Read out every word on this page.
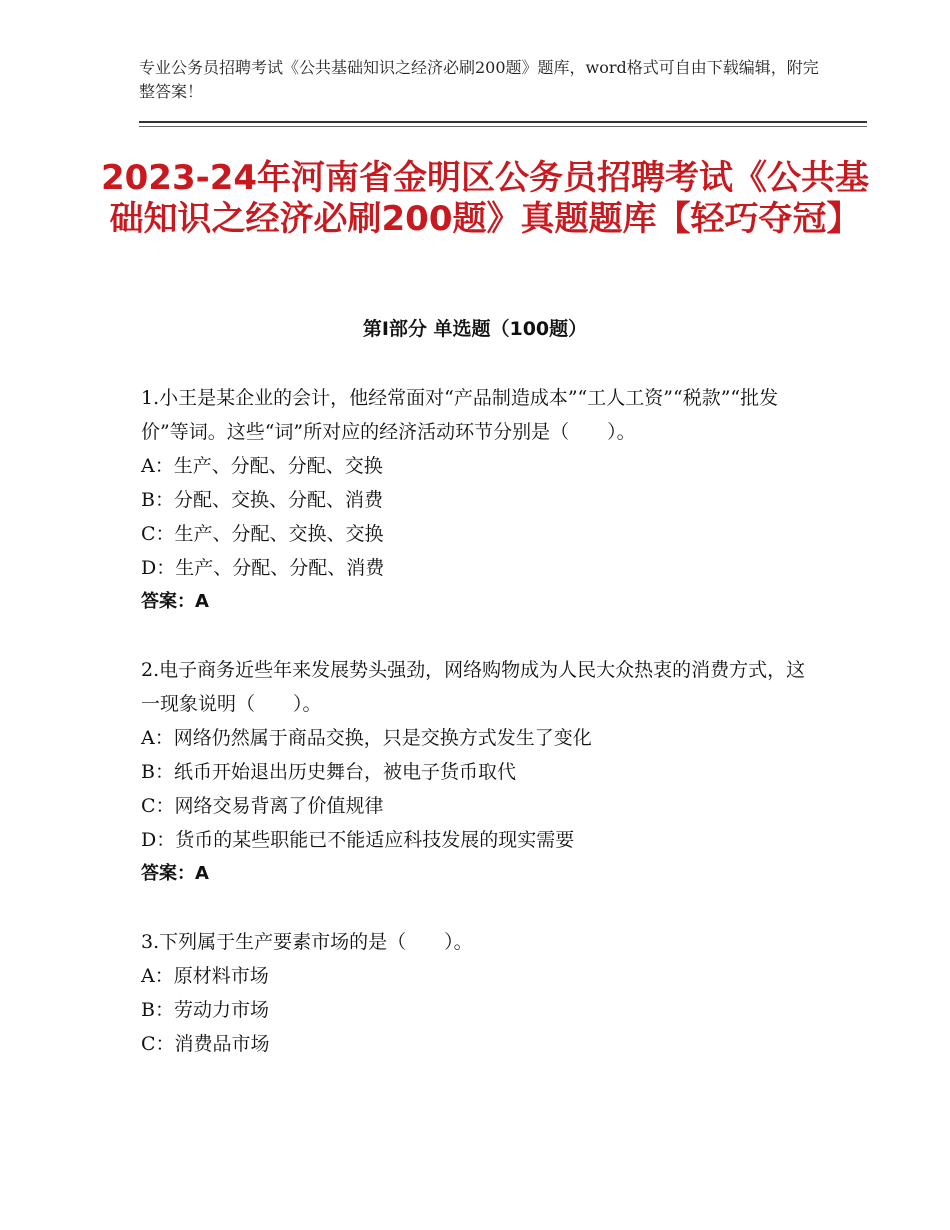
专业公务员招聘考试《公共基础知识之经济必刷200题》题库，word格式可自由下载编辑，附完整答案！
2023-24年河南省金明区公务员招聘考试《公共基础知识之经济必刷200题》真题题库【轻巧夺冠】
第Ⅰ部分 单选题（100题）
1.小王是某企业的会计，他经常面对“产品制造成本”“工人工资”“税款”“批发价”等词。这些“词”所对应的经济活动环节分别是（　　）。
A：生产、分配、分配、交换
B：分配、交换、分配、消费
C：生产、分配、交换、交换
D：生产、分配、分配、消费
答案：A
2.电子商务近些年来发展势头强劲，网络购物成为人民大众热衷的消费方式，这一现象说明（　　）。
A：网络仍然属于商品交换，只是交换方式发生了变化
B：纸币开始退出历史舞台，被电子货币取代
C：网络交易背离了价值规律
D：货币的某些职能已不能适应科技发展的现实需要
答案：A
3.下列属于生产要素市场的是（　　）。
A：原材料市场
B：劳动力市场
C：消费品市场
